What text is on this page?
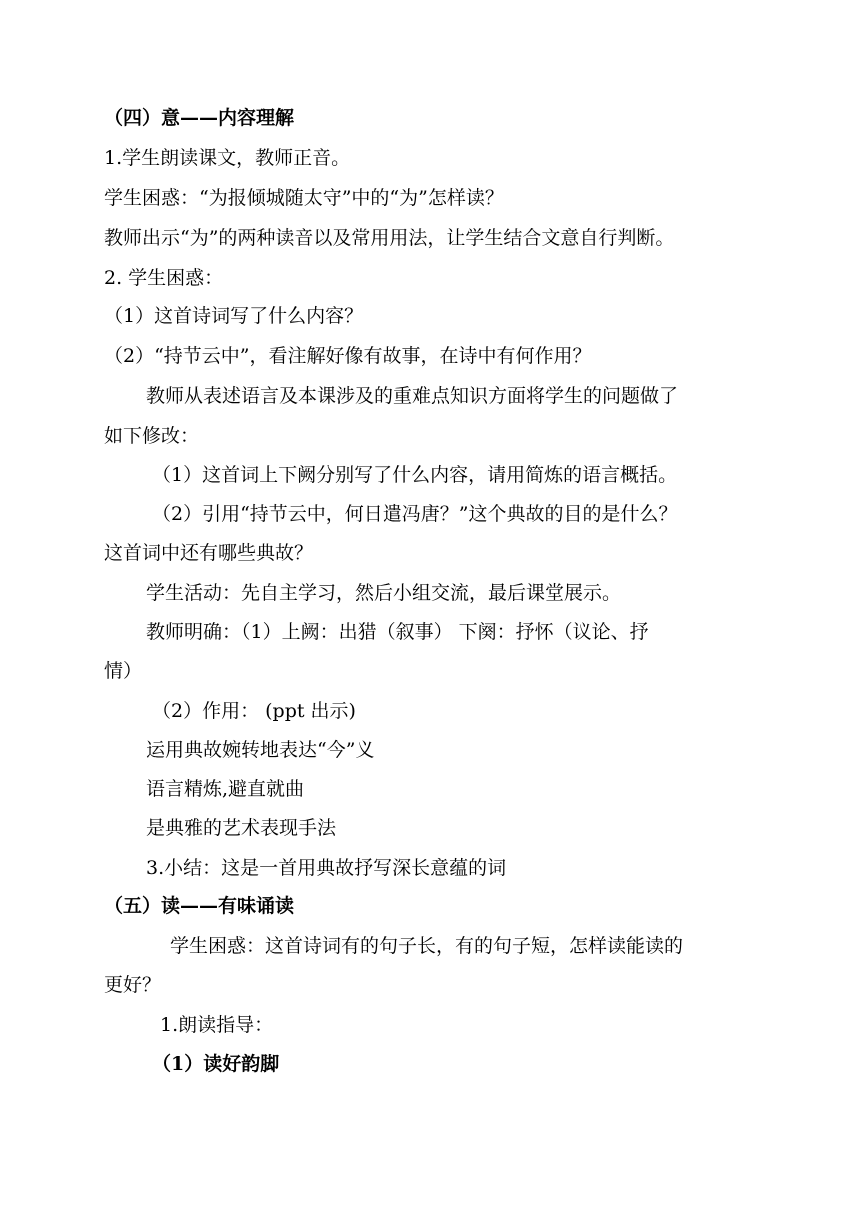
（四）意——内容理解
1.学生朗读课文，教师正音。
学生困惑：“为报倾城随太守”中的“为”怎样读？
教师出示“为”的两种读音以及常用用法，让学生结合文意自行判断。
2. 学生困惑：
（1）这首诗词写了什么内容？
（2）“持节云中”，看注解好像有故事，在诗中有何作用？
教师从表述语言及本课涉及的重难点知识方面将学生的问题做了
如下修改：
（1）这首词上下阙分别写了什么内容，请用简炼的语言概括。
（2）引用“持节云中，何日遣冯唐？”这个典故的目的是什么？
这首词中还有哪些典故？
学生活动：先自主学习，然后小组交流，最后课堂展示。
教师明确：（1）上阙：出猎（叙事） 下阕：抒怀（议论、抒
情）
（2）作用： (ppt 出示)
运用典故婉转地表达“今”义
语言精炼,避直就曲
是典雅的艺术表现手法
3.小结：这是一首用典故抒写深长意蕴的词
（五）读——有味诵读
学生困惑：这首诗词有的句子长，有的句子短，怎样读能读的
更好？
1.朗读指导：
（1）读好韵脚
